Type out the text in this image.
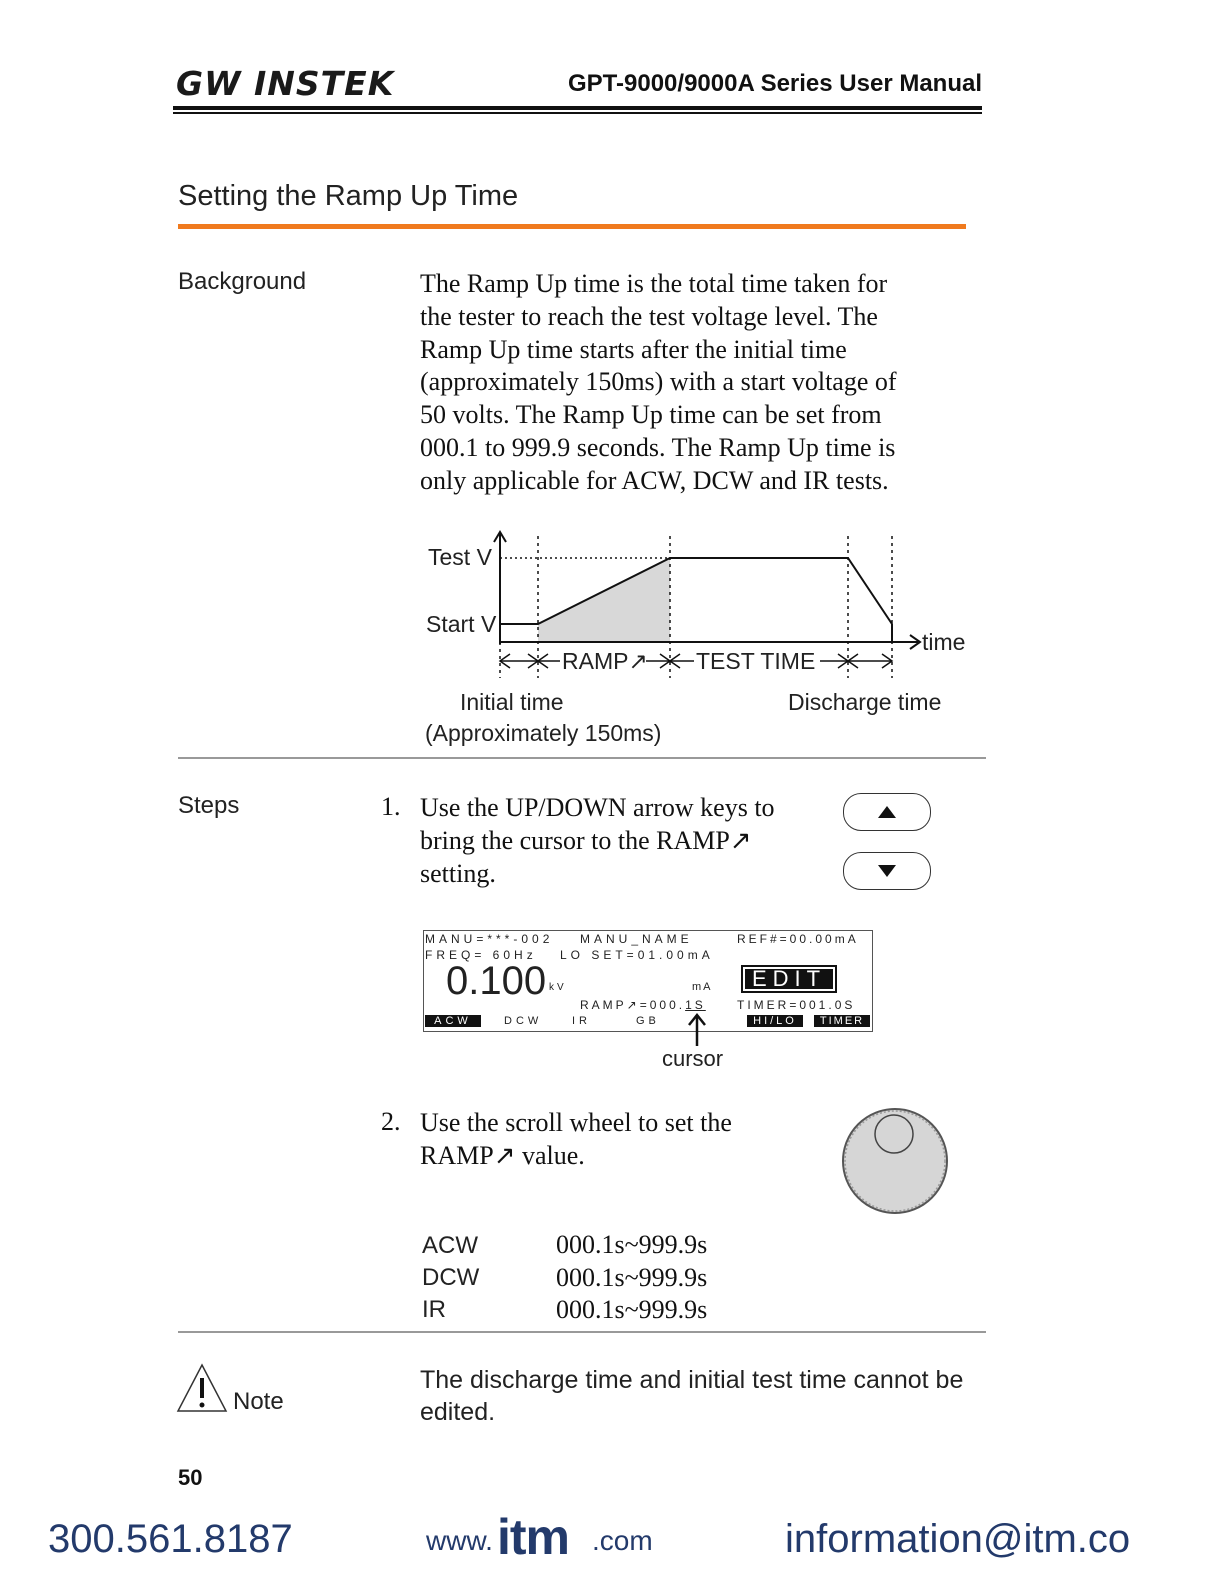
GW INSTEK	GPT-9000/9000A Series User Manual
Setting the Ramp Up Time
Background	The Ramp Up time is the total time taken for
the tester to reach the test voltage level. The
Ramp Up time starts after the initial time
(approximately 150ms) with a start voltage of
50 volts. The Ramp Up time can be set from
000.1 to 999.9 seconds. The Ramp Up time is
only applicable for ACW, DCW and IR tests.
Test V
Start V
time
RAMP↗ TEST TIME
Initial time
(Approximately 150ms)
Discharge time
Steps	1. Use the UP/DOWN arrow keys to
bring the cursor to the RAMP↗
setting.
MANU=***-002 MANU_NAME	REF#=00.00mA
FREQ= 60Hz LO SET=01.00mA
0.100 kV	mA	EDIT
RAMP↗=000.1S	TIMER=001.0S
ACW	DCW	IR	GB	HI/LO	TIMER
cursor
2. Use the scroll wheel to set the
RAMP↗ value.
ACW	000.1s~999.9s
DCW	000.1s~999.9s
IR	000.1s~999.9s
Note
The discharge time and initial test time cannot be
edited.
50
300.561.8187	www. itm .com	information@itm.co
